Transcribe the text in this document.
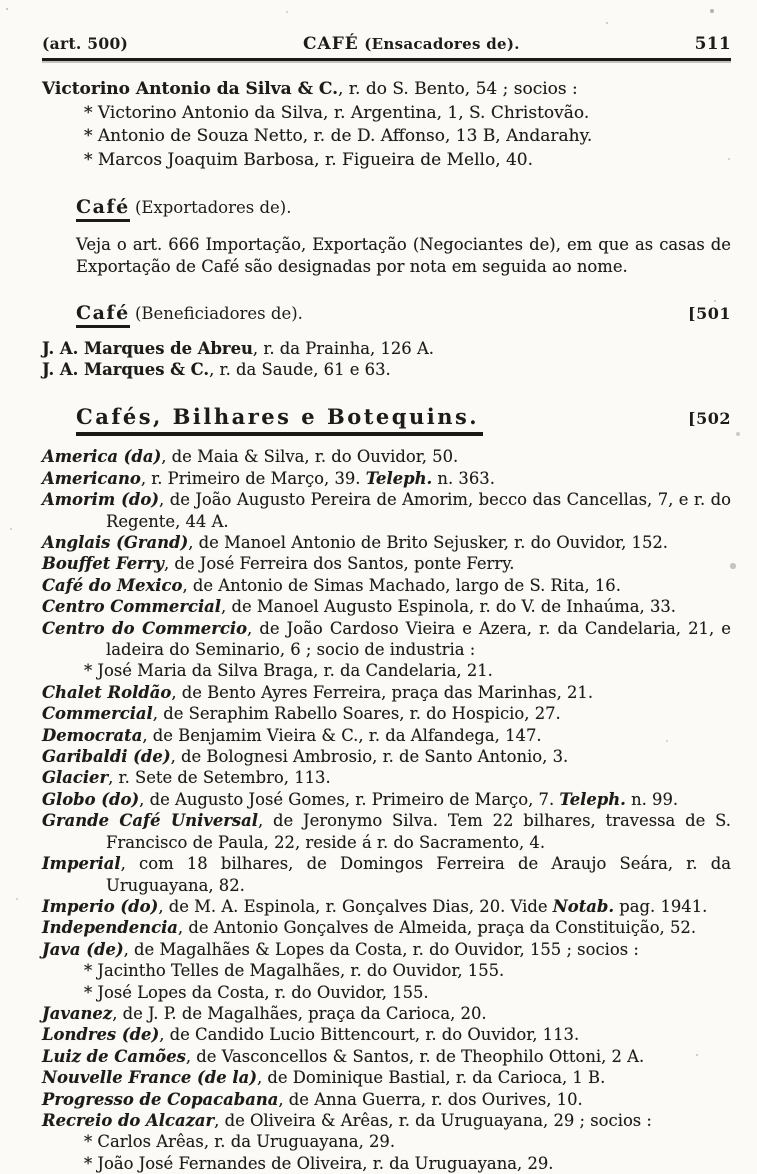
(art. 500)	CAFÉ (Ensacadores de).	511

Victorino Antonio da Silva & C., r. do S. Bento, 54 ; socios :

* Victorino Antonio da Silva, r. Argentina, 1, S. Christovão.

* Antonio de Souza Netto, r. de D. Affonso, 13 B, Andarahy.

* Marcos Joaquim Barbosa, r. Figueira de Mello, 40.

Café (Exportadores de).

Veja o art. 666 Importação, Exportação (Negociantes de), em que as casas de Exportação de Café são designadas por nota em seguida ao nome.

Café (Beneficiadores de).	[501

J. A. Marques de Abreu, r. da Prainha, 126 A.

J. A. Marques & C., r. da Saude, 61 e 63.

Cafés, Bilhares e Botequins.	[502

America (da), de Maia & Silva, r. do Ouvidor, 50.

Americano, r. Primeiro de Março, 39. Teleph. n. 363.

Amorim (do), de João Augusto Pereira de Amorim, becco das Cancellas, 7, e r. do Regente, 44 A.

Anglais (Grand), de Manoel Antonio de Brito Sejusker, r. do Ouvidor, 152.

Bouffet Ferry, de José Ferreira dos Santos, ponte Ferry.

Café do Mexico, de Antonio de Simas Machado, largo de S. Rita, 16.

Centro Commercial, de Manoel Augusto Espinola, r. do V. de Inhaúma, 33.

Centro do Commercio, de João Cardoso Vieira e Azera, r. da Candelaria, 21, e ladeira do Seminario, 6 ; socio de industria :

* José Maria da Silva Braga, r. da Candelaria, 21.

Chalet Roldão, de Bento Ayres Ferreira, praça das Marinhas, 21.

Commercial, de Seraphim Rabello Soares, r. do Hospicio, 27.

Democrata, de Benjamim Vieira & C., r. da Alfandega, 147.

Garibaldi (de), de Bolognesi Ambrosio, r. de Santo Antonio, 3.

Glacier, r. Sete de Setembro, 113.

Globo (do), de Augusto José Gomes, r. Primeiro de Março, 7. Teleph. n. 99.

Grande Café Universal, de Jeronymo Silva. Tem 22 bilhares, travessa de S. Francisco de Paula, 22, reside á r. do Sacramento, 4.

Imperial, com 18 bilhares, de Domingos Ferreira de Araujo Seára, r. da Uruguayana, 82.

Imperio (do), de M. A. Espinola, r. Gonçalves Dias, 20. Vide Notab. pag. 1941.

Independencia, de Antonio Gonçalves de Almeida, praça da Constituição, 52.

Java (de), de Magalhães & Lopes da Costa, r. do Ouvidor, 155 ; socios :

* Jacintho Telles de Magalhães, r. do Ouvidor, 155.

* José Lopes da Costa, r. do Ouvidor, 155.

Javanez, de J. P. de Magalhães, praça da Carioca, 20.

Londres (de), de Candido Lucio Bittencourt, r. do Ouvidor, 113.

Luiz de Camões, de Vasconcellos & Santos, r. de Theophilo Ottoni, 2 A.

Nouvelle France (de la), de Dominique Bastial, r. da Carioca, 1 B.

Progresso de Copacabana, de Anna Guerra, r. dos Ourives, 10.

Recreio do Alcazar, de Oliveira & Arêas, r. da Uruguayana, 29 ; socios :

* Carlos Arêas, r. da Uruguayana, 29.

* João José Fernandes de Oliveira, r. da Uruguayana, 29.
